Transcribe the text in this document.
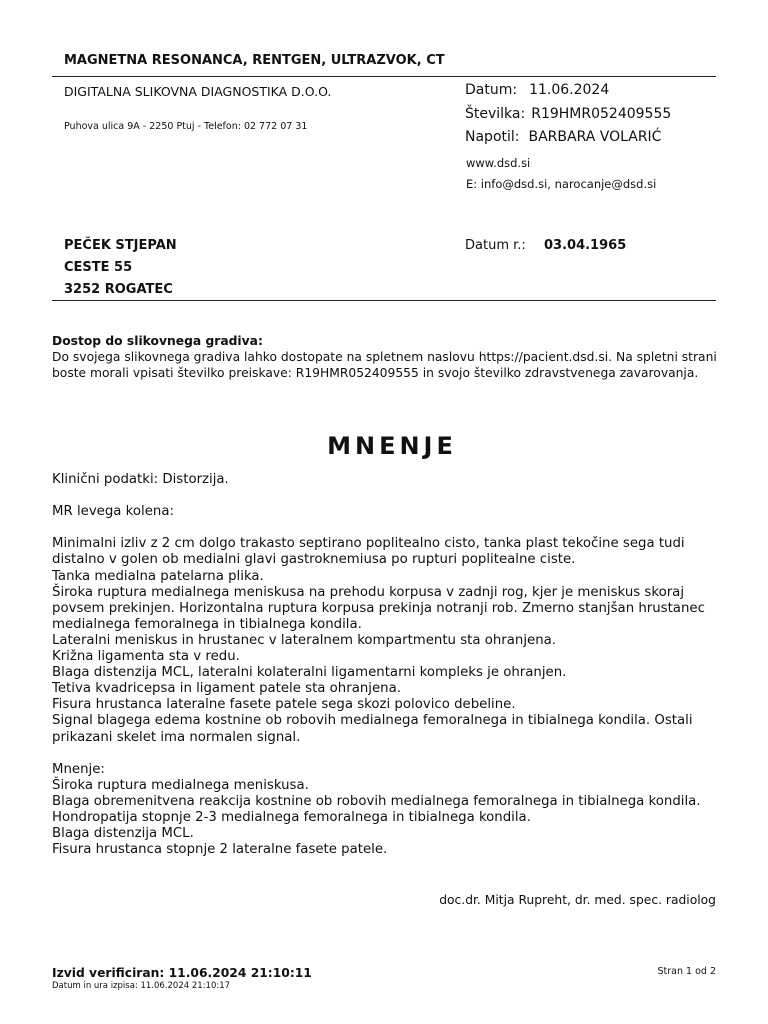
MAGNETNA RESONANCA, RENTGEN, ULTRAZVOK, CT
DIGITALNA SLIKOVNA DIAGNOSTIKA D.O.O.
Puhova ulica 9A - 2250 Ptuj - Telefon: 02 772 07 31
Datum: 11.06.2024
Številka: R19HMR052409555
Napotil: BARBARA VOLARIĆ
www.dsd.si
E: info@dsd.si, narocanje@dsd.si
PEČEK STJEPAN
CESTE 55
3252 ROGATEC
Datum r.: 03.04.1965
Dostop do slikovnega gradiva:
Do svojega slikovnega gradiva lahko dostopate na spletnem naslovu https://pacient.dsd.si. Na spletni strani boste morali vpisati številko preiskave: R19HMR052409555 in svojo številko zdravstvenega zavarovanja.
MNENJE

Klinični podatki: Distorzija.

MR levega kolena:

Minimalni izliv z 2 cm dolgo trakasto septirano poplitealno cisto, tanka plast tekočine sega tudi distalno v golen ob medialni glavi gastroknemiusa po rupturi poplitealne ciste.

Tanka medialna patelarna plika.

Široka ruptura medialnega meniskusa na prehodu korpusa v zadnji rog, kjer je meniskus skoraj povsem prekinjen. Horizontalna ruptura korpusa prekinja notranji rob. Zmerno stanjšan hrustanec medialnega femoralnega in tibialnega kondila.

Lateralni meniskus in hrustanec v lateralnem kompartmentu sta ohranjena.

Križna ligamenta sta v redu.

Blaga distenzija MCL, lateralni kolateralni ligamentarni kompleks je ohranjen.

Tetiva kvadricepsa in ligament patele sta ohranjena.

Fisura hrustanca lateralne fasete patele sega skozi polovico debeline.

Signal blagega edema kostnine ob robovih medialnega femoralnega in tibialnega kondila. Ostali prikazani skelet ima normalen signal.

Mnenje:

Široka ruptura medialnega meniskusa.

Blaga obremenitvena reakcija kostnine ob robovih medialnega femoralnega in tibialnega kondila.

Hondropatija stopnje 2-3 medialnega femoralnega in tibialnega kondila.

Blaga distenzija MCL.

Fisura hrustanca stopnje 2 lateralne fasete patele.

doc.dr. Mitja Rupreht, dr. med. spec. radiolog
Izvid verificiran: 11.06.2024 21:10:11
Datum in ura izpisa: 11.06.2024 21:10:17
Stran 1 od 2
